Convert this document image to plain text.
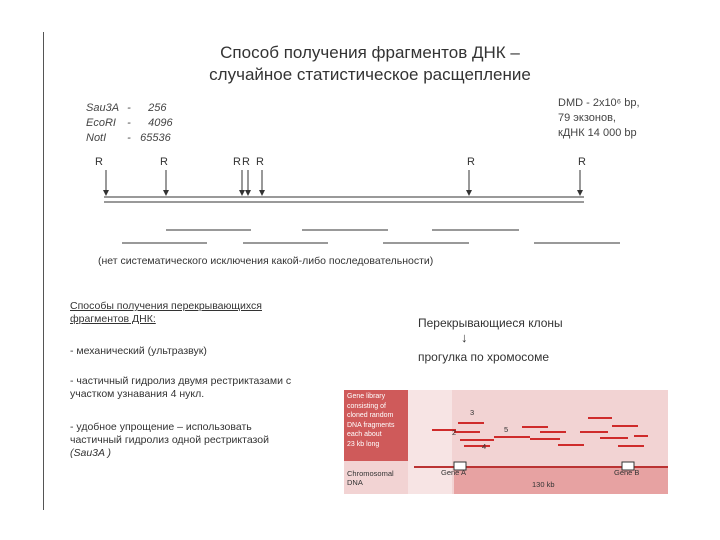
Способ получения фрагментов ДНК –
случайное статистическое расщепление
Sau3A - 256
EcoRI - 4096
NotI - 65536
DMD - 2x10⁶ bp,
79 экзонов,
кДНК 14 000 bp
R	R	R R R	R	R
(нет систематического исключения какой-либо последовательности)
Способы получения перекрывающихся
фрагментов ДНК:
- механический (ультразвук)
- частичный гидролиз двумя рестриктазами с
участком узнавания 4 нукл.
- удобное упрощение – использовать
частичный гидролиз одной рестриктазой
(Sau3A )
Перекрывающиеся клоны
↓
прогулка по хромосоме
Gene library
consisting of
cloned random
DNA fragments
each about
23 kb long
2
3
4
5
Chromosomal
DNA
Gene A	Gene B
130 kb
